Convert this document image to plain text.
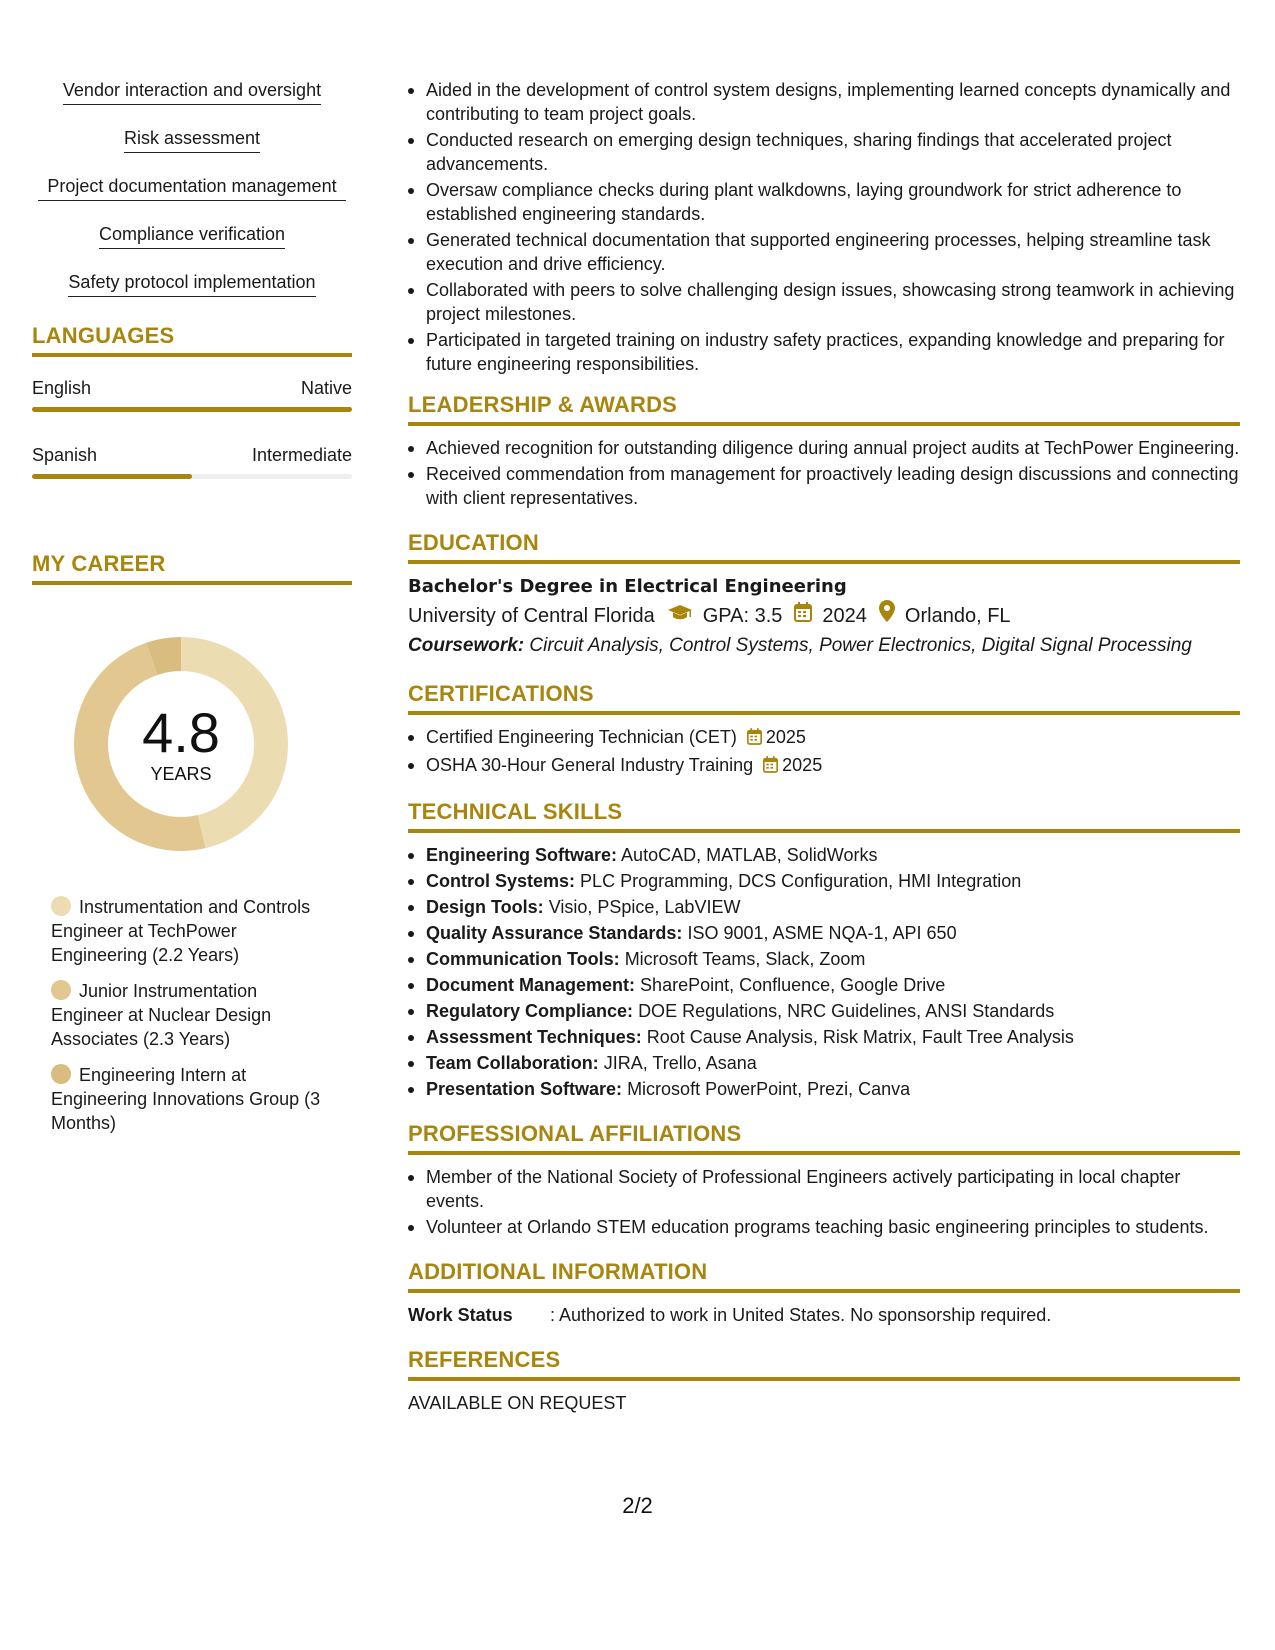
Vendor interaction and oversight
Risk assessment
Project documentation management
Compliance verification
Safety protocol implementation
LANGUAGES
English	Native
Spanish	Intermediate
MY CAREER
4.8
YEARS
Instrumentation and Controls Engineer at TechPower Engineering (2.2 Years)
Junior Instrumentation Engineer at Nuclear Design Associates (2.3 Years)
Engineering Intern at Engineering Innovations Group (3 Months)
Aided in the development of control system designs, implementing learned concepts dynamically and contributing to team project goals.
Conducted research on emerging design techniques, sharing findings that accelerated project advancements.
Oversaw compliance checks during plant walkdowns, laying groundwork for strict adherence to established engineering standards.
Generated technical documentation that supported engineering processes, helping streamline task execution and drive efficiency.
Collaborated with peers to solve challenging design issues, showcasing strong teamwork in achieving project milestones.
Participated in targeted training on industry safety practices, expanding knowledge and preparing for future engineering responsibilities.
LEADERSHIP & AWARDS
Achieved recognition for outstanding diligence during annual project audits at TechPower Engineering.
Received commendation from management for proactively leading design discussions and connecting with client representatives.
EDUCATION
Bachelor's Degree in Electrical Engineering
University of Central Florida GPA: 3.5 2024 Orlando, FL
Coursework: Circuit Analysis, Control Systems, Power Electronics, Digital Signal Processing
CERTIFICATIONS
Certified Engineering Technician (CET) 2025
OSHA 30-Hour General Industry Training 2025
TECHNICAL SKILLS
Engineering Software: AutoCAD, MATLAB, SolidWorks
Control Systems: PLC Programming, DCS Configuration, HMI Integration
Design Tools: Visio, PSpice, LabVIEW
Quality Assurance Standards: ISO 9001, ASME NQA-1, API 650
Communication Tools: Microsoft Teams, Slack, Zoom
Document Management: SharePoint, Confluence, Google Drive
Regulatory Compliance: DOE Regulations, NRC Guidelines, ANSI Standards
Assessment Techniques: Root Cause Analysis, Risk Matrix, Fault Tree Analysis
Team Collaboration: JIRA, Trello, Asana
Presentation Software: Microsoft PowerPoint, Prezi, Canva
PROFESSIONAL AFFILIATIONS
Member of the National Society of Professional Engineers actively participating in local chapter events.
Volunteer at Orlando STEM education programs teaching basic engineering principles to students.
ADDITIONAL INFORMATION
Work Status	: Authorized to work in United States. No sponsorship required.
REFERENCES
AVAILABLE ON REQUEST
2/2
